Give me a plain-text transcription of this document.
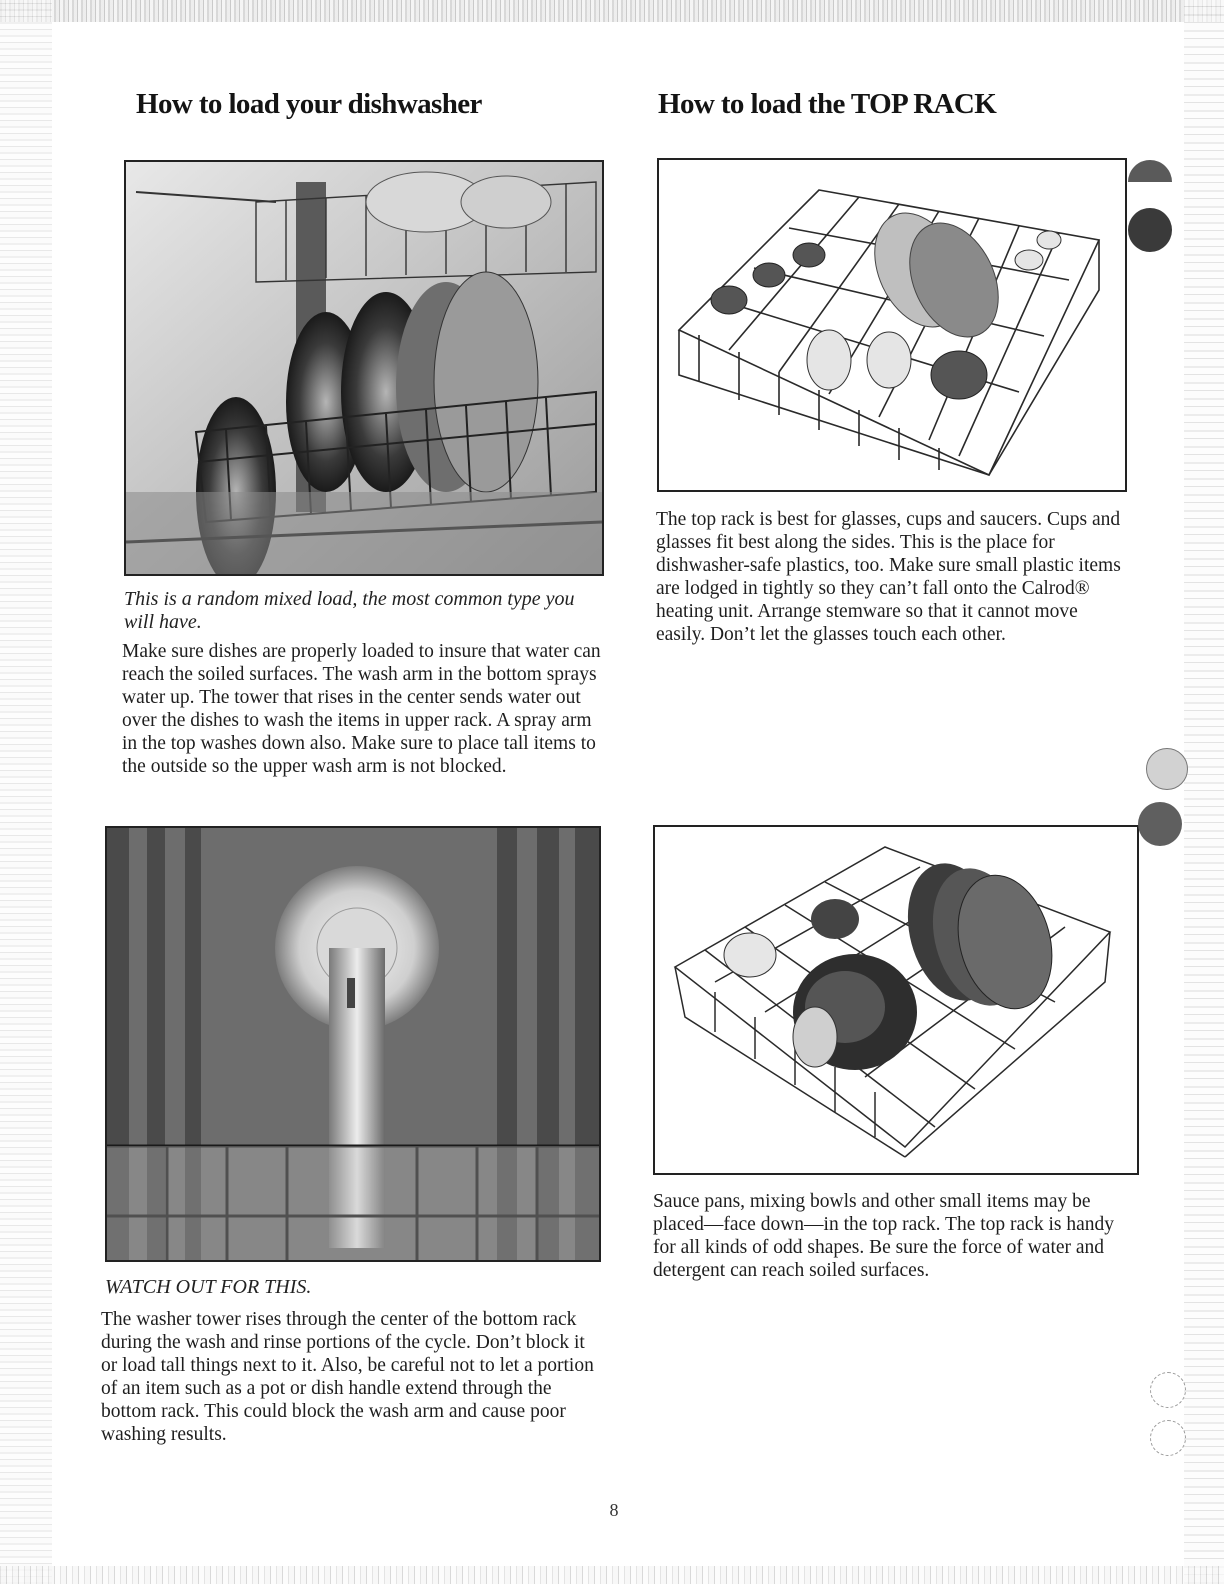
How to load your dishwasher

This is a random mixed load, the most common type you will have.

Make sure dishes are properly loaded to insure that water can reach the soiled surfaces. The wash arm in the bottom sprays water up. The tower that rises in the center sends water out over the dishes to wash the items in upper rack. A spray arm in the top washes down also. Make sure to place tall items to the outside so the upper wash arm is not blocked.

WATCH OUT FOR THIS.

The washer tower rises through the center of the bottom rack during the wash and rinse portions of the cycle. Don’t block it or load tall things next to it. Also, be careful not to let a portion of an item such as a pot or dish handle extend through the bottom rack. This could block the wash arm and cause poor washing results.

How to load the TOP RACK

The top rack is best for glasses, cups and saucers. Cups and glasses fit best along the sides. This is the place for dishwasher-safe plastics, too. Make sure small plastic items are lodged in tightly so they can’t fall onto the Calrod® heating unit. Arrange stemware so that it cannot move easily. Don’t let the glasses touch each other.

Sauce pans, mixing bowls and other small items may be placed—face down—in the top rack. The top rack is handy for all kinds of odd shapes. Be sure the force of water and detergent can reach soiled surfaces.

8
